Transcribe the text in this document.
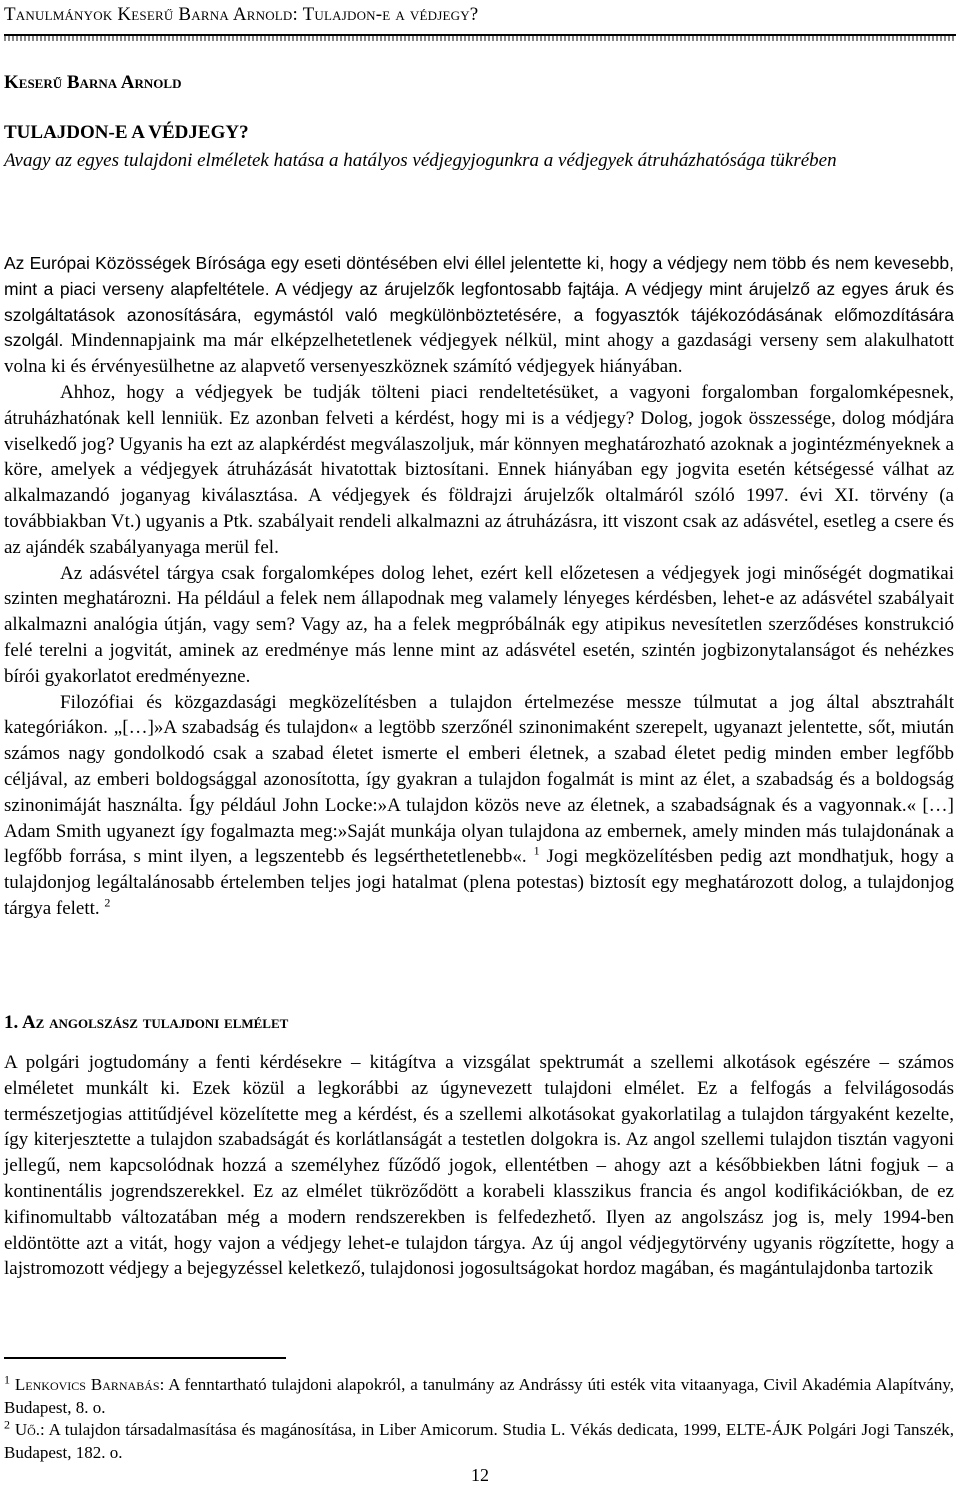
Tanulmányok Keserű Barna Arnold: Tulajdon-e a védjegy?
Keserű Barna Arnold
TULAJDON-E A VÉDJEGY?
Avagy az egyes tulajdoni elméletek hatása a hatályos védjegyjogunkra a védjegyek átruházhatósága tükrében

Az Európai Közösségek Bírósága egy eseti döntésében elvi éllel jelentette ki, hogy a védjegy nem több és nem kevesebb, mint a piaci verseny alapfeltétele. A védjegy az árujelzők legfontosabb fajtája. A védjegy mint árujelző az egyes áruk és szolgáltatások azonosítására, egymástól való megkülönböztetésére, a fogyasztók tájékozódásának előmozdítására szolgál. Mindennapjaink ma már elképzelhetetlenek védjegyek nélkül, mint ahogy a gazdasági verseny sem alakulhatott volna ki és érvényesülhetne az alapvető versenyeszköznek számító védjegyek hiányában.

Ahhoz, hogy a védjegyek be tudják tölteni piaci rendeltetésüket, a vagyoni forgalomban forgalomképesnek, átruházhatónak kell lenniük. Ez azonban felveti a kérdést, hogy mi is a védjegy? Dolog, jogok összessége, dolog módjára viselkedő jog? Ugyanis ha ezt az alapkérdést megválaszoljuk, már könnyen meghatározható azoknak a jogintézményeknek a köre, amelyek a védjegyek átruházását hivatottak biztosítani. Ennek hiányában egy jogvita esetén kétségessé válhat az alkalmazandó joganyag kiválasztása. A védjegyek és földrajzi árujelzők oltalmáról szóló 1997. évi XI. törvény (a továbbiakban Vt.) ugyanis a Ptk. szabályait rendeli alkalmazni az átruházásra, itt viszont csak az adásvétel, esetleg a csere és az ajándék szabályanyaga merül fel.

Az adásvétel tárgya csak forgalomképes dolog lehet, ezért kell előzetesen a védjegyek jogi minőségét dogmatikai szinten meghatározni. Ha például a felek nem állapodnak meg valamely lényeges kérdésben, lehet-e az adásvétel szabályait alkalmazni analógia útján, vagy sem? Vagy az, ha a felek megpróbálnák egy atipikus nevesítetlen szerződéses konstrukció felé terelni a jogvitát, aminek az eredménye más lenne mint az adásvétel esetén, szintén jogbizonytalanságot és nehézkes bírói gyakorlatot eredményezne.

Filozófiai és közgazdasági megközelítésben a tulajdon értelmezése messze túlmutat a jog által absztrahált kategóriákon. „[…]»A szabadság és tulajdon« a legtöbb szerzőnél szinonimaként szerepelt, ugyanazt jelentette, sőt, miután számos nagy gondolkodó csak a szabad életet ismerte el emberi életnek, a szabad életet pedig minden ember legfőbb céljával, az emberi boldogsággal azonosította, így gyakran a tulajdon fogalmát is mint az élet, a szabadság és a boldogság szinonimáját használta. Így például John Locke:»A tulajdon közös neve az életnek, a szabadságnak és a vagyonnak.« […] Adam Smith ugyanezt így fogalmazta meg:»Saját munkája olyan tulajdona az embernek, amely minden más tulajdonának a legfőbb forrása, s mint ilyen, a legszentebb és legsérthetetlenebb«. $^1$ Jogi megközelítésben pedig azt mondhatjuk, hogy a tulajdonjog legáltalánosabb értelemben teljes jogi hatalmat (plena potestas) biztosít egy meghatározott dolog, a tulajdonjog tárgya felett. $^2$

1. Az angolszász tulajdoni elmélet

A polgári jogtudomány a fenti kérdésekre – kitágítva a vizsgálat spektrumát a szellemi alkotások egészére – számos elméletet munkált ki. Ezek közül a legkorábbi az úgynevezett tulajdoni elmélet. Ez a felfogás a felvilágosodás természetjogias attitűdjével közelítette meg a kérdést, és a szellemi alkotásokat gyakorlatilag a tulajdon tárgyaként kezelte, így kiterjesztette a tulajdon szabadságát és korlátlanságát a testetlen dolgokra is. Az angol szellemi tulajdon tisztán vagyoni jellegű, nem kapcsolódnak hozzá a személyhez fűződő jogok, ellentétben – ahogy azt a későbbiekben látni fogjuk – a kontinentális jogrendszerekkel. Ez az elmélet tükröződött a korabeli klasszikus francia és angol kodifikációkban, de ez kifinomultabb változatában még a modern rendszerekben is felfedezhető. Ilyen az angolszász jog is, mely 1994-ben eldöntötte azt a vitát, hogy vajon a védjegy lehet-e tulajdon tárgya. Az új angol védjegytörvény ugyanis rögzítette, hogy a lajstromozott védjegy a bejegyzéssel keletkező, tulajdonosi jogosultságokat hordoz magában, és magántulajdonba tartozik

$^1$ Lenkovics Barnabás: A fenntartható tulajdoni alapokról, a tanulmány az Andrássy úti esték vita vitaanyaga, Civil Akadémia Alapítvány, Budapest, 8. o.

$^2$ Uő.: A tulajdon társadalmasítása és magánosítása, in Liber Amicorum. Studia L. Vékás dedicata, 1999, ELTE-ÁJK Polgári Jogi Tanszék, Budapest, 182. o.

12
